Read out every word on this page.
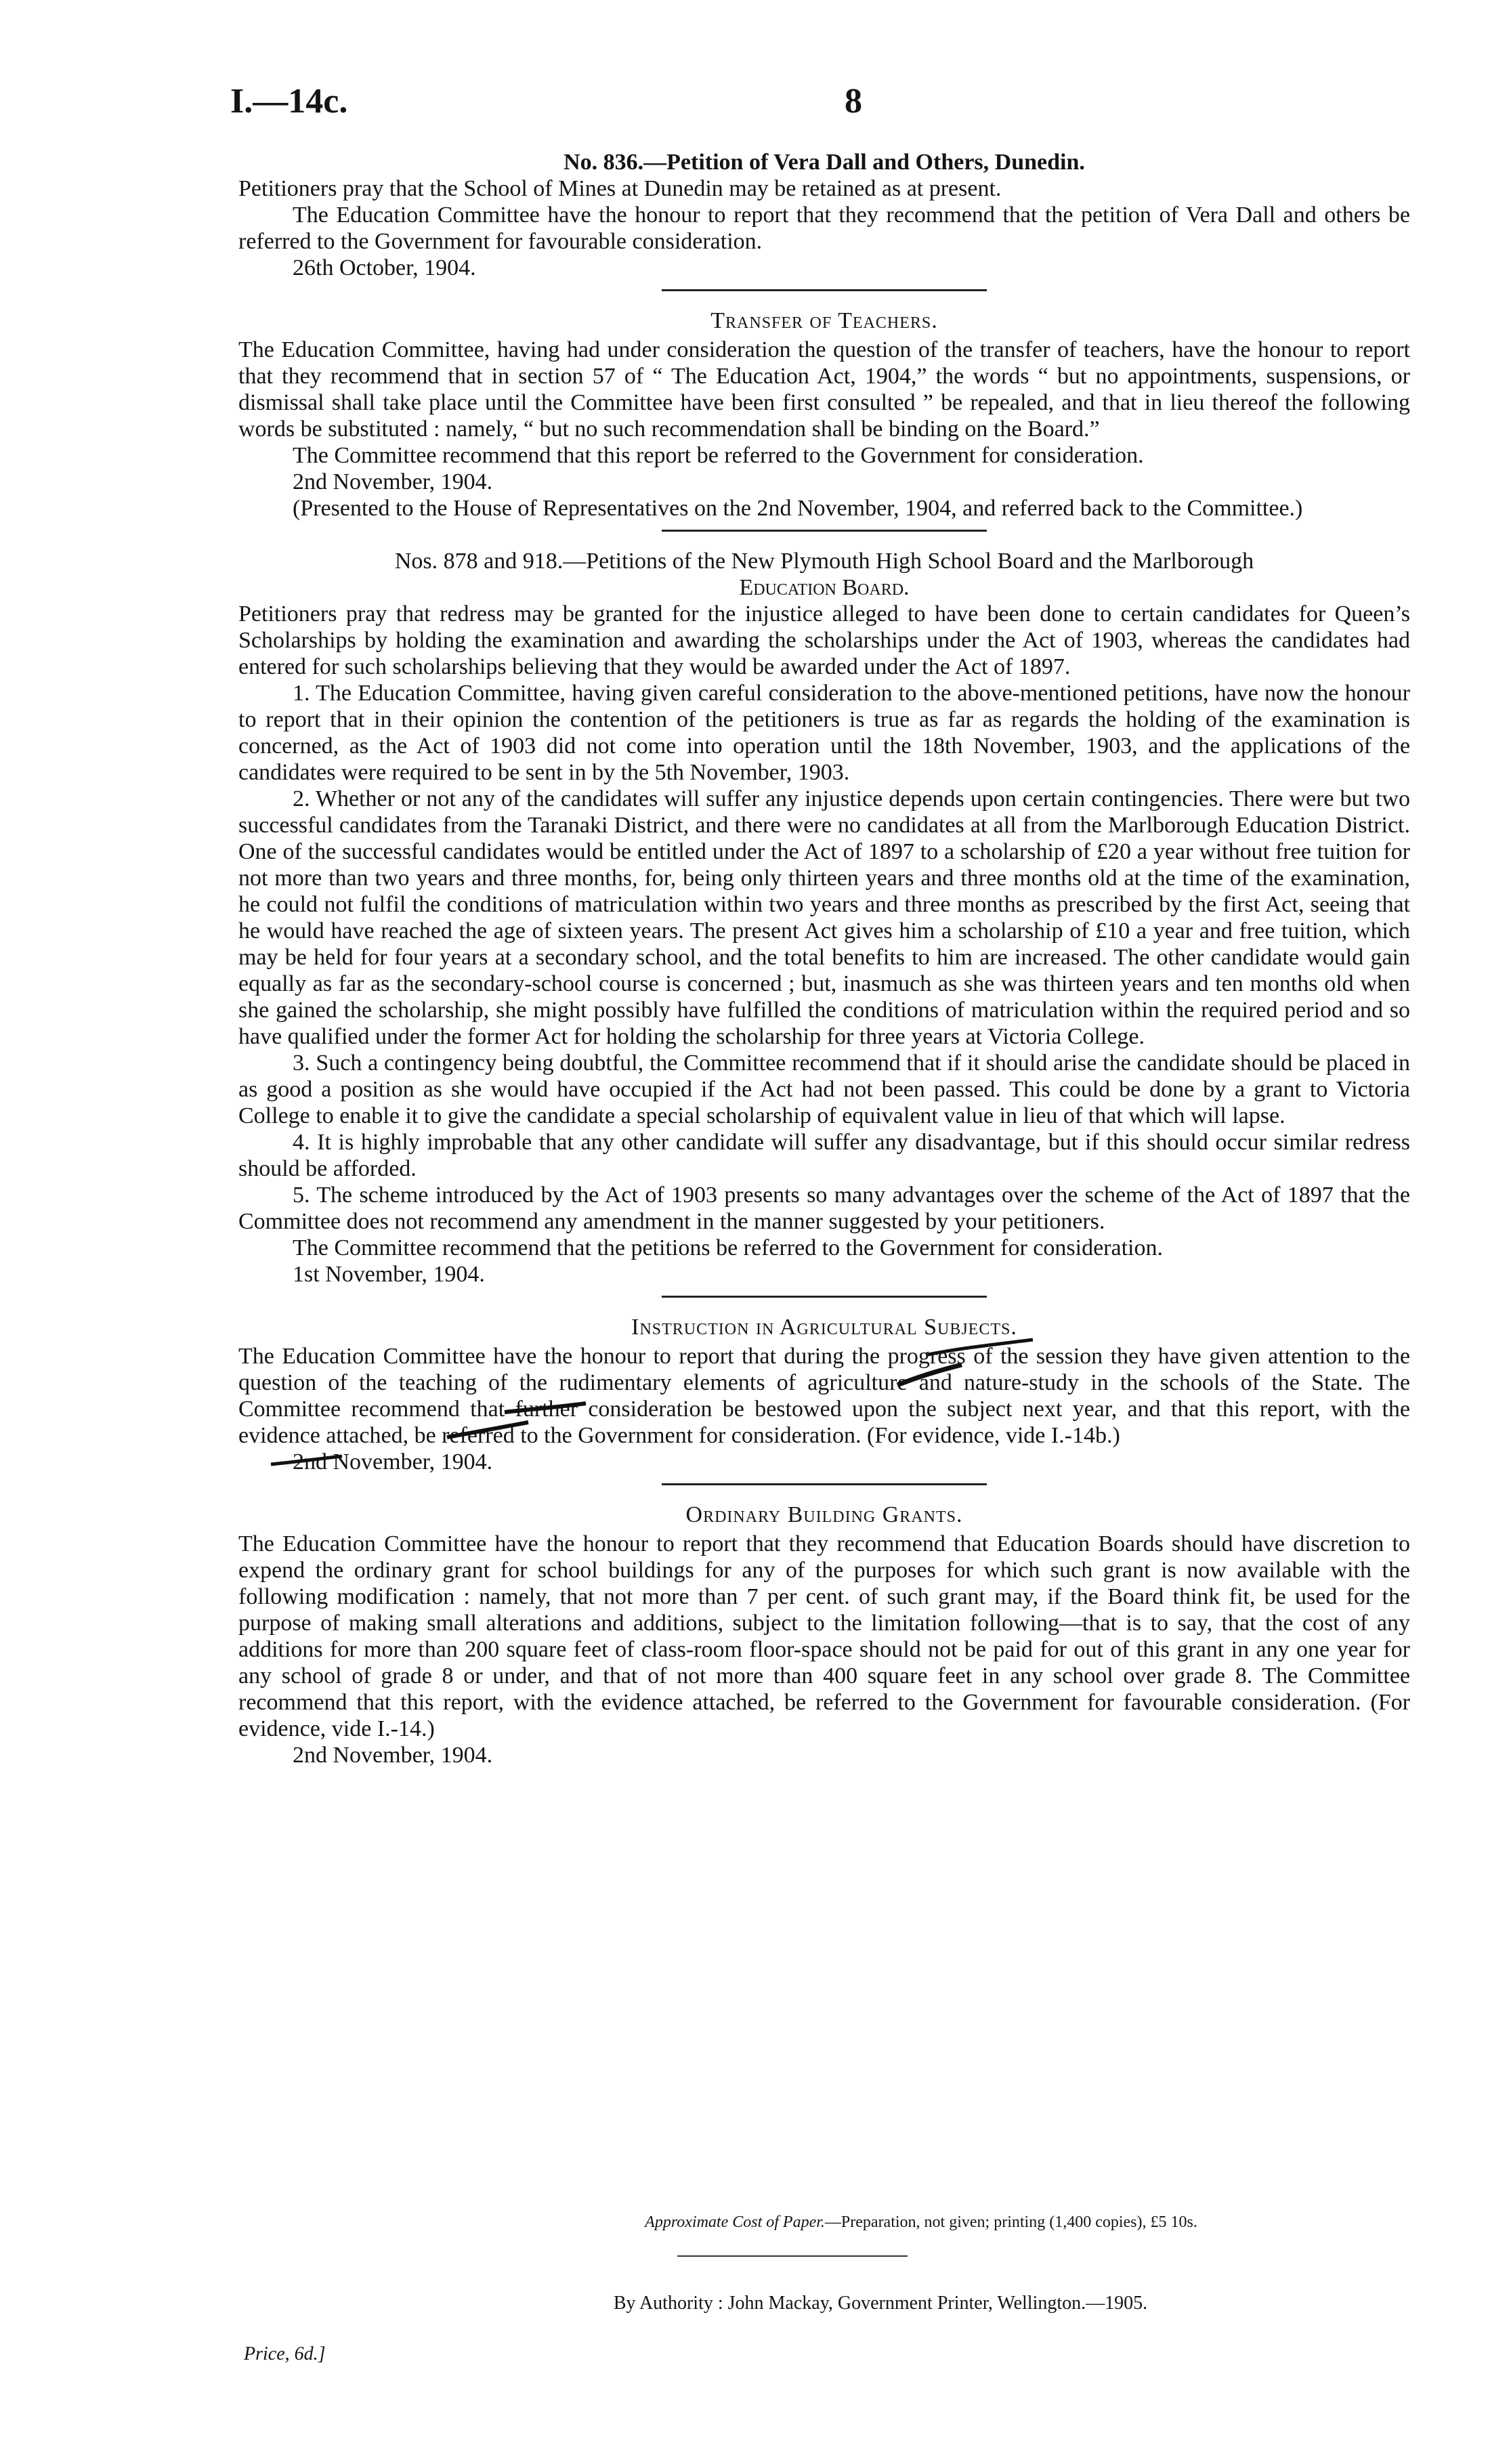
I.—14c.	8

No. 836.—Petition of Vera Dall and Others, Dunedin.

Petitioners pray that the School of Mines at Dunedin may be retained as at present.

The Education Committee have the honour to report that they recommend that the petition of Vera Dall and others be referred to the Government for favourable consideration.

26th October, 1904.

Transfer of Teachers.

The Education Committee, having had under consideration the question of the transfer of teachers, have the honour to report that they recommend that in section 57 of “ The Education Act, 1904,” the words “ but no appointments, suspensions, or dismissal shall take place until the Committee have been first consulted ” be repealed, and that in lieu thereof the following words be substituted : namely, “ but no such recommendation shall be binding on the Board.”

The Committee recommend that this report be referred to the Government for consideration.

2nd November, 1904.

(Presented to the House of Representatives on the 2nd November, 1904, and referred back to the Committee.)

Nos. 878 and 918.—Petitions of the New Plymouth High School Board and the Marlborough

Education Board.

Petitioners pray that redress may be granted for the injustice alleged to have been done to certain candidates for Queen’s Scholarships by holding the examination and awarding the scholarships under the Act of 1903, whereas the candidates had entered for such scholarships believing that they would be awarded under the Act of 1897.

1. The Education Committee, having given careful consideration to the above-mentioned petitions, have now the honour to report that in their opinion the contention of the petitioners is true as far as regards the holding of the examination is concerned, as the Act of 1903 did not come into operation until the 18th November, 1903, and the applications of the candidates were required to be sent in by the 5th November, 1903.

2. Whether or not any of the candidates will suffer any injustice depends upon certain contingencies. There were but two successful candidates from the Taranaki District, and there were no candidates at all from the Marlborough Education District. One of the successful candidates would be entitled under the Act of 1897 to a scholarship of £20 a year without free tuition for not more than two years and three months, for, being only thirteen years and three months old at the time of the examination, he could not fulfil the conditions of matriculation within two years and three months as prescribed by the first Act, seeing that he would have reached the age of sixteen years. The present Act gives him a scholarship of £10 a year and free tuition, which may be held for four years at a secondary school, and the total benefits to him are increased. The other candidate would gain equally as far as the secondary-school course is concerned ; but, inasmuch as she was thirteen years and ten months old when she gained the scholarship, she might possibly have fulfilled the conditions of matriculation within the required period and so have qualified under the former Act for holding the scholarship for three years at Victoria College.

3. Such a contingency being doubtful, the Committee recommend that if it should arise the candidate should be placed in as good a position as she would have occupied if the Act had not been passed. This could be done by a grant to Victoria College to enable it to give the candidate a special scholarship of equivalent value in lieu of that which will lapse.

4. It is highly improbable that any other candidate will suffer any disadvantage, but if this should occur similar redress should be afforded.

5. The scheme introduced by the Act of 1903 presents so many advantages over the scheme of the Act of 1897 that the Committee does not recommend any amendment in the manner suggested by your petitioners.

The Committee recommend that the petitions be referred to the Government for consideration.

1st November, 1904.

Instruction in Agricultural Subjects.

The Education Committee have the honour to report that during the progress of the session they have given attention to the question of the teaching of the rudimentary elements of agriculture and nature-study in the schools of the State. The Committee recommend that further consideration be bestowed upon the subject next year, and that this report, with the evidence attached, be referred to the Government for consideration. (For evidence, vide I.-14b.)

2nd November, 1904.

Ordinary Building Grants.

The Education Committee have the honour to report that they recommend that Education Boards should have discretion to expend the ordinary grant for school buildings for any of the purposes for which such grant is now available with the following modification : namely, that not more than 7 per cent. of such grant may, if the Board think fit, be used for the purpose of making small alterations and additions, subject to the limitation following—that is to say, that the cost of any additions for more than 200 square feet of class-room floor-space should not be paid for out of this grant in any one year for any school of grade 8 or under, and that of not more than 400 square feet in any school over grade 8. The Committee recommend that this report, with the evidence attached, be referred to the Government for favourable consideration. (For evidence, vide I.-14.)

2nd November, 1904.

Approximate Cost of Paper.—Preparation, not given; printing (1,400 copies), £5 10s.
By Authority : John Mackay, Government Printer, Wellington.—1905.
Price, 6d.]
